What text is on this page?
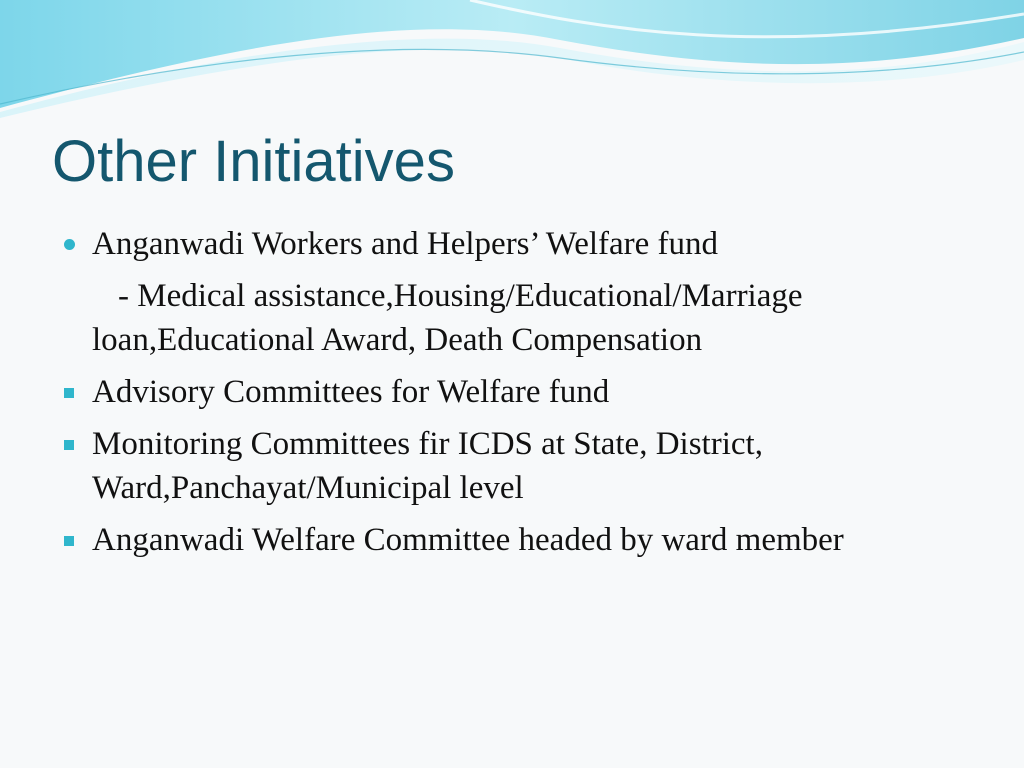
Other Initiatives
Anganwadi Workers and Helpers’ Welfare fund
- Medical assistance,Housing/Educational/Marriage
loan,Educational Award, Death Compensation
Advisory Committees for Welfare fund
Monitoring Committees fir ICDS at State, District, Ward,Panchayat/Municipal level
Anganwadi Welfare Committee headed by ward member
